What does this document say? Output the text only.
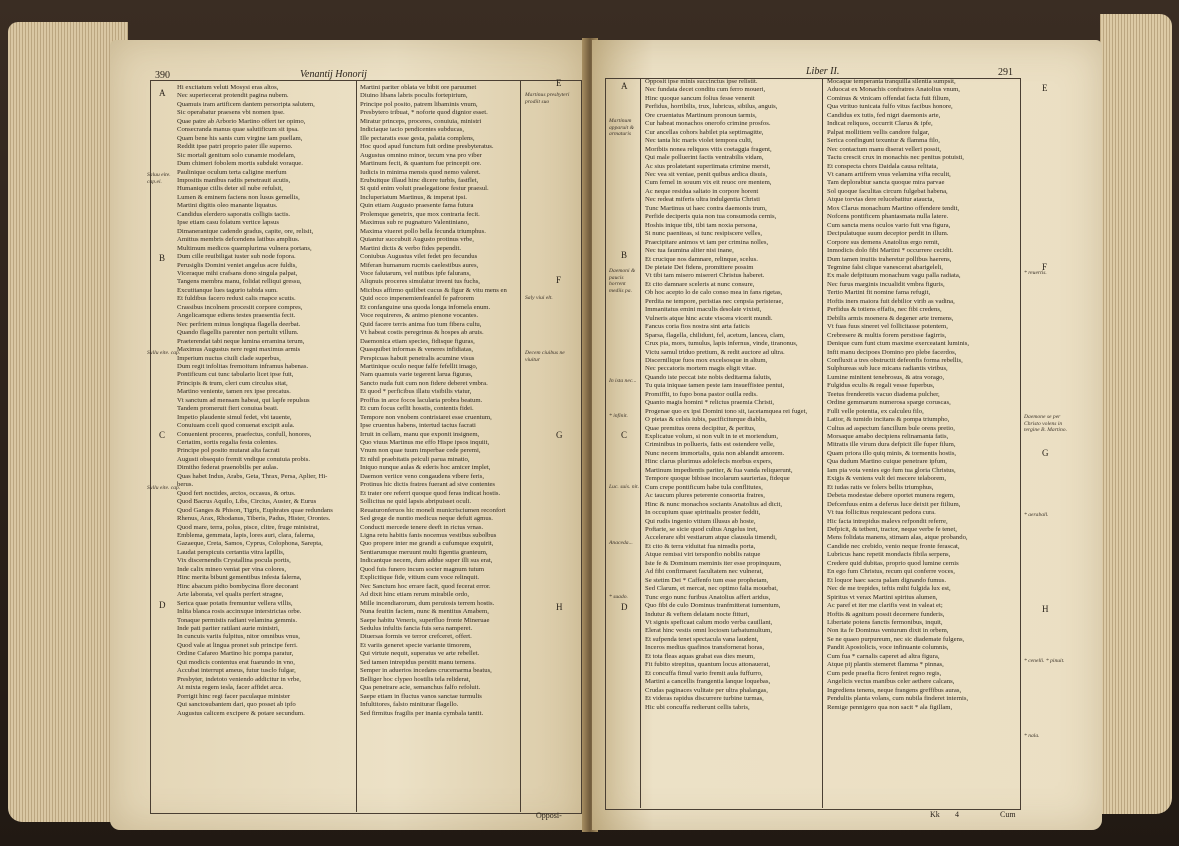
390	Venantij Honorij
A
B
C
D
Saluu eite. cap.ei.
Sullu eite. cap.
Sullu eite. cap.
E
F
G
H
Martinus presbyteri prodiit suo
Saly viui elt.
Decem ciuibus ne viuitur
Hi excitatum veluti Mosysi eras altos,
Nec superiecerat protendit pagina nubem.
Quamuis iram artificem dantem persoripta salutem,
Sic operabatur praesens vbi nomen ipse.
Quae patre ab Arborio Martino offert ter opimo,
Consecranda manus quae salutificum sit ipsa.
Quam bene his sanis cum virgine iam puellam,
Reddit ipse patri proprio pater ille superno.
Sic mortali genitum solo cunamie modelam,
Dum chimeri fobolem mortis subdukt voraque.
Paulinique oculum terta caligine merfum
Impositis manibus radiis penetrauit acutis,
Humanique ciilis deter sil nube refulsit,
Lumen & eminem faciens non lusus gemellis,
Martini digitis oleo manante liquatus.
Candidus elerdero saporatis colligis tactis.
Ipse etiam casu folatum vertice lapsus
Dimanerantque cadendo gradus, capite, ore, relisit,
Amittus membris defcendens latibus amplius.
Multimum medicos quamplurima vulnera portans,
Dum cille reuibiligat iuster sub node fopora.
Perusiglis Domini veniet angelus acre fuldis,
Viceraque mihi crafsans dono singula palpat,
Tangens membra manu, folidat relliqui gressu,
Excutitanque lues tagurio tabida sum.
Et fuldibus facero reduxi calis rnapce scutis.
Crassibus incolnem procesiit corpore compres,
Angelicamque ediens testes praesentia fecit.
Nec perfriem minus longiqua flagella deerbat.
Quando flagellis parenter non pertulit villum.
Praeterendat tabi neque lumina erramina terum,
Maximus Augustus nere regni maximus armis
Imperium nuctus ciuili clade superbus,
Dum regit infolitas fremoitum inframus habenas.
Pontificum cui tunc tabulario licet ipse fuit,
Principis & trum, cleri cum circulus sitat,
Martino veniente, tamen rex ipse precatus.
Vt sanctum ad mensam habeat, qui lapfe repulsus
Tandem promeruit fieri conuiua beati.
Impetio plaudente simul fedet, vbi tauente,
Conuiuam cceli quod conuenat excipit aula.
Conuenient proceres, praefectus, confull, honores,
Certatim, sortis regalia festa colentes.
Principe pol posito mutarat alta facrati
Augusti obsequio fremit vndique conuiuia probis.
Dimitho federat praenobilis per aulas.
Quas habet Indus, Arabs, Geta, Thrax, Persa, Aplier, Hi-
berus.
Quod fert noctides, arctos, occasus, & ortus.
Quod Bacrus Aquilo, Libs, Circius, Auster, & Eurus
Quod Ganges & Phison, Tigris, Euphrates quae redundans
Rhenus, Arax, Rhodanus, Tiberis, Padus, Hister, Orontes.
Quod mare, terra, polus, pisce, clitre, fruge ministrat,
Emblema, gemmata, lapis, lores auri, clara, falerna,
Gazaeque, Creta, Samos, Cyprus, Colophona, Sarepta,
Laudat perspicuis certantia vitra lapillis,
Vix discernendis Crystallina pocula portis,
Inde calix mineo veniat per vina colores,
Hinc merita bibunt gementibus infesta falerna,
Hinc abacum pidto bombycina flore decorant
Arte laborata, vel qualis perfert stragne,
Serica quae potatis fremuntur vellera villis,
Inlita blanca rosis accinxque interstrictas orbe.
Tonaque permistis radiant velamina gemmis.
Inde pati pariter ratilant aurte ministri,
In cuncuis variis fulpitus, nitor omnibus vnus,
Quod vale at lingua pronet sub principe ferri.
Ordine Cafareo Martino hic pompa paratur,
Qui modicis contentus erat fuarundo in vno,
Accubat interrupt ameus, futur tusclo fulgar,
Presbyter, indetoto veniendo addicitur in vrbe,
At mixta regem iesla, facer affidet arca.
Porrigit hinc regi facer paculaque minister
Qui sanctosubantem dari, quo posset ab ipfo
Augustus calicem excipere & potare secundum.
Martini pariter oblata ve bibit ore paruumet
Diuino libans labris poculis fortepirium,
Principe pol posito, patrem libaminis vnum,
Presbytero tribuat, * noforte quod dignior esset.
Miratur princeps, proceres, conuiuia, ministri
Indiciaque iacio pendicentes subducas,
Ille pectaratis esse gesta, palatia complens,
Hoc quod apud functum fuit ordine presbyteratus.
Augustus omnino minor, tecum vna pro viber
Martinum fecit, & quantum fue princepit ore.
Iudicis in minima mensis quod nemo valeret.
Erubuitque illaud hinc dicere turbis, fastflet,
Si quid enim voluit praelegatione festur praesul.
Incluperiatum Martinus, & imperat ipsi.
Quin etiam Augusto praesente fama futura
Prolemque genetrix, que mox contraria fecit.
Maximus sub re pugnaturo Valentiniano,
Maxima viueret pollo bella fecunda triumphus.
Quiantur succubuit Augusto protinus vrbe,
Martini dictis & verbo fides pependit.
Coniubus Augustus vilei fedet pro fecundus
Miferan humanum rucmis caelestibus aures,
Voce falutarum, vel nutibus ipfe falurans,
Aliqnuis proceres simulatur inveni tus fuchs,
Micibus affirmo quilibet cucus & figur & vitu mens en
Quid occo impenemienfeanfel fe pafrorem
Et confanguine una quoda longa infomela enum.
Voce requireres, & animo pienone vocantes.
Quid facere terris anima fuo tum fibera cultu,
Vt habeat costis peregrinus & hospes ab aruis.
Daemonica etiam species, fidisque figuras,
Quasquibet informas & veneres infidiatas,
Perspicuas habuit penetralis acumine visus
Martinique oculo neque falfe fefellit imago,
Nam quamuis varie tegerent larua figuras,
Sancto nuda fuit cum non fidere deberet vmbra.
Et quod * perficibus illatu visibilis vtatur,
Proffus in arce focos lacularia probra beatum.
Et cum focus ceflit hosstis, contentis fidei.
Tempore non vnobem contristaret esse cruentum,
Ipse cruentus habens, intertud tactus facrati
Irruit in cellam, manu que exponit insignem,
Quo viuus Martinus me effo Hispe ipsos inquiit,
Vnum non quae tuum imperbae cede peremi,
Et nihil praebitatis peiculi parua minatio,
Iniquo nunque aulas & ederis hoc amicer implet,
Daemon veriice veno congaudens vibere feris,
Protinus hic dictis fratres fuerant ad sive contentes
Et trater ore referri quoque quod feras indicat hostis.
Sollicitus ne quid lapsis abripuisset oculi.
Reuaturonferuos hic moneli municrisciumen reconfort
Sed grege de nuntio medicus neque defuit agmus.
Conducti mercede tenere deeft in rictus vrnas.
Ligna retu habitis fanis nocemus vestibus subolbus
Quo propere inter me grandi a cufumque exquirit,
Sentiarumque meruunt multi figentia granteum,
Indicantque necem, dum addue super illi sus erat,
Quod fuis funero incum socter magnum tutum
Explicitique fide, vitium cum voce relinquit.
Nec Sanctum hoc errare facit, quod fecerat error.
Ad dixit hinc etiam rerum mirabile ordo,
Mille incendiarorum, dum peruiosis terrem hostis.
Nuna feuitin faciem, nunc & mentitus Amabem,
Saepe habitu Veneris, superfluo fronte Mineruae
Sedulus infultis fancia fuis sera namperet.
Diuersas formis ve terror crefceret, offert.
Et variis generet specie variante timorem,
Qui virtute nequit, superatus ve arte rebellet.
Sed tamen intrepidus perstitt manu ternens.
Semper in aduerios incedans crucemarma beatus,
Belliger hoc clypeo hostilis tela reliderat,
Qua penetrare acie, semanchus falfo refoluit.
Saepe etiam in fluctus vanos sanctae turmulis
Infultitores, falsto miniturar flagello.
Sed firmitus fragilis per inania cymbala tantit.
Opposi-
Liber II.	291
A
B
C
D
Martinum apparuit & armaturis
Daemoni & paucis horrent mediis pa.
In ista nec...
* infinit.
Luc. suis. nit.
Anaceda...
* suado.
Opposit ipse minis succinctus ipse relistit.
Nec fundata decet conditu cum ferro moueri,
Hinc quoque sancum folius fesse venenit
Perfidus, horribilis, trux, lubricus, sibilus, anguis,
Ore cruentatus Martinum pronoun tarmis,
Cur habeat monachos onerofo crimine prosfos.
Cur ancellas cohors habilet pia septimagitte,
Nec tanta hic maris violet tempora culti,
Moribiis nonea reliquos vitis coetaggia fragent,
Qui male polluerint factis ventrabilis vidam,
Ac sius prolatetant superiimata crimine mersit,
Nec vea sit veniae, penit quibus ardica disuis,
Cum femel in souum vix eit reuoc ore mentem,
Ac neque residua saltato in corpore horent
Nec redeat miferis ultra indulgentia Christi
Tunc Martinus ut haec contra daemonis trum,
Perfide deciperis quia non tua consumoda cernis,
Hoshis inique tibi, tibi tam noxia persona,
Si nunc paeniteas, si tunc resipiscere velles,
Praecipitare animos vt iam per crimina nolles,
Nec tua faumina aliter nisi inane,
Et crucique nos damnare, relinque, scelus.
De pietate Dei fidens, promittere possim
Vt tibi tam misero misereri Christus haberet.
Et cito damnare sceleris at nunc consure,
Ob hoc acepto lo de calo conso mea in fans rigetas,
Perdita ne tempore, peristias nec cenpsia peristerae,
Immanitatus emini maculis desolate vixisti,
Vulneris atque hinc acute viscera vicerit mundi.
Fancus coria fios nostra sint arta faticis
Sparsa, flagella, chilidunt, fel, acetum, lancea, clam,
Crux pia, mors, tumulus, lapis infernus, vinde, tiranonus,
Victu samul triduo pretium, & redit auctore ad ultra.
Discernilique fuos mox excelsosque in altum,
Nec peccatoris mortem magis eligit vitae.
Quando iste peccat iste nobis deditarma falutis,
Tu quia iniquae tamen peste iam insueffistee pentui,
Promiffit, to fupo bona pastor ouilla redis.
Quanto magis homini * relictus praemia Christi,
Progenae quo ex ipsi Domini tono sit, iacetamquea rei fuget,
O pietas & celsis iubis, pacificiturque diablis,
Quae premitus orens decipitur, & peritus,
Explicatue volum, si non vult in te et moriendum,
Criminibus in pollueris, fatis est ostendere velle,
Nunc necem immortalis, quia non ablandit amorem.
Hinc clarus plurimus adolefecis morbus expers,
Martinum impedientis pariter, & fua vanda reliquerunt,
Tempore quoque bibisse incolarum saurierias, fideque
Cum crepe pontificum habe tula conflitutes,
Ac taucum plures peterente consortia fratres,
Hinc & nunc monachos sociants Anatolius ad dicit,
In occupium quae spiritualis proster feddit,
Qui rudis ingenio vitium illusus ab hoste,
Poftarie, se sicie quod cultus Angelus iret,
Accelerare sibi vestiarum atque clausula timendi,
Et cito & terra viduitat fua nimsdis porta,
Atque remissi viri tersponfio nobilis ratque
Iste fe & Dominum meminis iter esse propinquum,
Ad fibi confirmaret facultatem nec vulnerat,
Se stetim Dei * Caffenfo tum esse prophetam,
Sed Clarum, et mercat, nec optimo falia mouebat,
Tunc ergo nunc furibus Anatolius affert aridus,
Quo fibi de culo Dominus tranfmitterat iumentum,
Indutur & veftem delatam nocte fitturi,
Vt signis speficaat calum modo verba cauillant,
Elerat hinc vestis omni loctosm tarbatumultum,
Et sufpenda tenet spectacula vana laudent,
Inceros medius quafinos transfornerat horas,
Et tota fleas aquas grabat eas dies meum,
Fit fubito strepitus, quantum locus attonauerat,
Et concuffa fimul vario fremit aula fuffurro,
Martini a cancellis frangentia lanque loquebas,
Crudas paginaces vulitate per ultra phalangas,
Et videras rapidus discurrere turbine turmas,
Hic ubi concuffa redierunt cellis tabris,
Mocaque temperanta tranquilla silentia sumpsit,
Aduocat ex Monachis confratres Anatolius vnum,
Cominus & vtnicam offendat facta fuit filium,
Qua vtrituo tunicata fulfo vitus facibus honore,
Candidus ex tutis, fed nigri daemonis arte,
Indicat reliquos, occurrit Clarus & ipfe,
Palpat mollitiem vellis candore fulgar,
Serica confingunt texuntur & flamma filo,
Nec contactum manu diserat velleri possit,
Tactu crescit crux in monachis nec penitus potuisti,
Et conspecta chors Daidala causa relitata,
Vt canam artifrem vnus velamina vifta reculit,
Tam deplorabiur sancta quoque mira parvae
Sol quoque faculitas circum fulgebat habena,
Atque torvias dere relucebatitur ataucta,
Mox Clarus monachum Martino offendere tendit,
Nofcens pontificem phantasmata nulla latere.
Cum sancta mens oculos vario fuit vna figura,
Decipulatuque suum deceptor perdit in illum.
Corpore sus demens Anatolius ergo remit,
Inmodicis dolo fibi Martini * occurrere cecidit.
Dum tamen inuitis traheretur pollibus haerens,
Tegmine falsi clique vanescerat abarigeleli,
Ex male defpituum monachum vagu palla radiata,
Nec furus marginis incualidit vmbra figuris,
Tertio Martini fit nomine fama refugit,
Hoftis iners maiora fuit debilior virib as vadina,
Perfidus & totiens effafis, nec fibi credens,
Debilis armis moenera & degener arte tremens,
Vt fuas fuus sineret vel follicitasse potentem,
Crebresere & multis forem perstisse fagirris,
Denique cum funt ctum maxime exerceatant luminis,
Infit manu decipoes Domino pro plebe facerdos,
Confluxit a tres obstructit defeonfis forma rebellis,
Sulphureas sub luce micans radiantis viribus,
Lumine minitent tenebrosus, & atra vorago,
Fulgidus eculis & regali vesse fuperbus,
Teetus frenderetis vacuo diadema pulcher,
Ordine gemmarum numerosa sparge coruscas,
Fulli velle potentia, ex calculeu filo,
Latior, & tumido incitans & pompa triumpho,
Cultus ad aspectum fancillum bule orens pretio,
Morsaque amabo decipiens relinamanta fatis,
Mitratis ille virum dura defpicit ille fuper filum,
Quam priora illo quiq minis, & tormentis hostis,
Qua dudum Martino cuique penetrare ipfum,
Iam pia vota venies ego fum tua gloria Christus,
Exigis & veniens vult dei mecere telaborem,
Et iudas ratis ve folers bellis triumphus,
Debeta modestae debere oportet munera regem,
Defcenfuus enim a deferus luce deixit per fiilium,
Vt tua follicitus requiescant pedora cura.
Hic facta intrepidus malevs refpondit referre,
Defpicit, & tetbent, tractor, neque verbe fe tenet,
Mens folidata manens, stimam alas, atque probando,
Candide nec crebido, venio neque fronte ferascat,
Lubricus hanc repetit mondacis fibila serpens,
Credere quid dubitas, proprio quod lumine cernis
En ego fum Christus, recum qui conferre voces,
Et loquor haec sacra palam dignando fumus.
Nec de me trepides, teftis mihi fulgida lux est,
Spiritus vt verax Martini spiritus alumen,
Ac paref et iter me clarifis vest in valeat et;
Hoftis & agnitum possit decernere funderis,
Libertate potens fanctis fermonibus, inquit,
Non ita fe Dominus venturum dixit in orbem,
Se ne quaeo purpureum, nec sic diademate fulgens,
Pandit Apostolicis, voce infinuante columnis,
Cum fua * carnalis caperet ad altra figura,
Atque pij plantis stemeret flamma * pinnas,
Cum pede praefia ficro feniret regno regis,
Angelicis vectus manibus celer aethere calcans,
Ingrediens tenens, neque frangens greffibus auras,
Penduliis planta volans, cum nubila finderet internis,
Remige pennigero qua non sacit * ala figillam,
E
F
G
H
* reuertis.
Daemone se per Christo volens in tergine B. Martino.
* aeraball.
* cenelli. * pinuit.
* nala.
Kk 4	Cum
